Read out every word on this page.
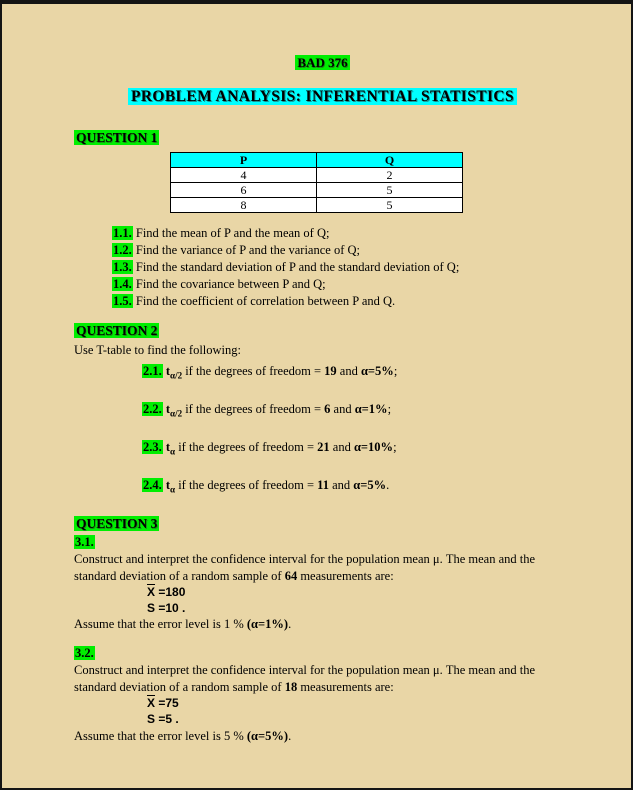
BAD 376
PROBLEM ANALYSIS: INFERENTIAL STATISTICS
QUESTION 1
P	Q
4	2
6	5
8	5
1.1. Find the mean of P and the mean of Q;
1.2. Find the variance of P and the variance of Q;
1.3. Find the standard deviation of P and the standard deviation of Q;
1.4. Find the covariance between P and Q;
1.5. Find the coefficient of correlation between P and Q.
QUESTION 2
Use T-table to find the following:
2.1. $t_{\alpha/2}$ if the degrees of freedom = 19 and α=5%;
2.2. $t_{\alpha/2}$ if the degrees of freedom = 6 and α=1%;
2.3. $t_\alpha$ if the degrees of freedom = 21 and α=10%;
2.4. $t_\alpha$ if the degrees of freedom = 11 and α=5%.
QUESTION 3
3.1.

Construct and interpret the confidence interval for the population mean μ. The mean and the standard deviation of a random sample of 64 measurements are:

$\overline{X} =180$
S =10 .

Assume that the error level is 1 % (α=1%).

3.2.

Construct and interpret the confidence interval for the population mean μ. The mean and the standard deviation of a random sample of 18 measurements are:

$\overline{X} =75$
S =5 .

Assume that the error level is 5 % (α=5%).
